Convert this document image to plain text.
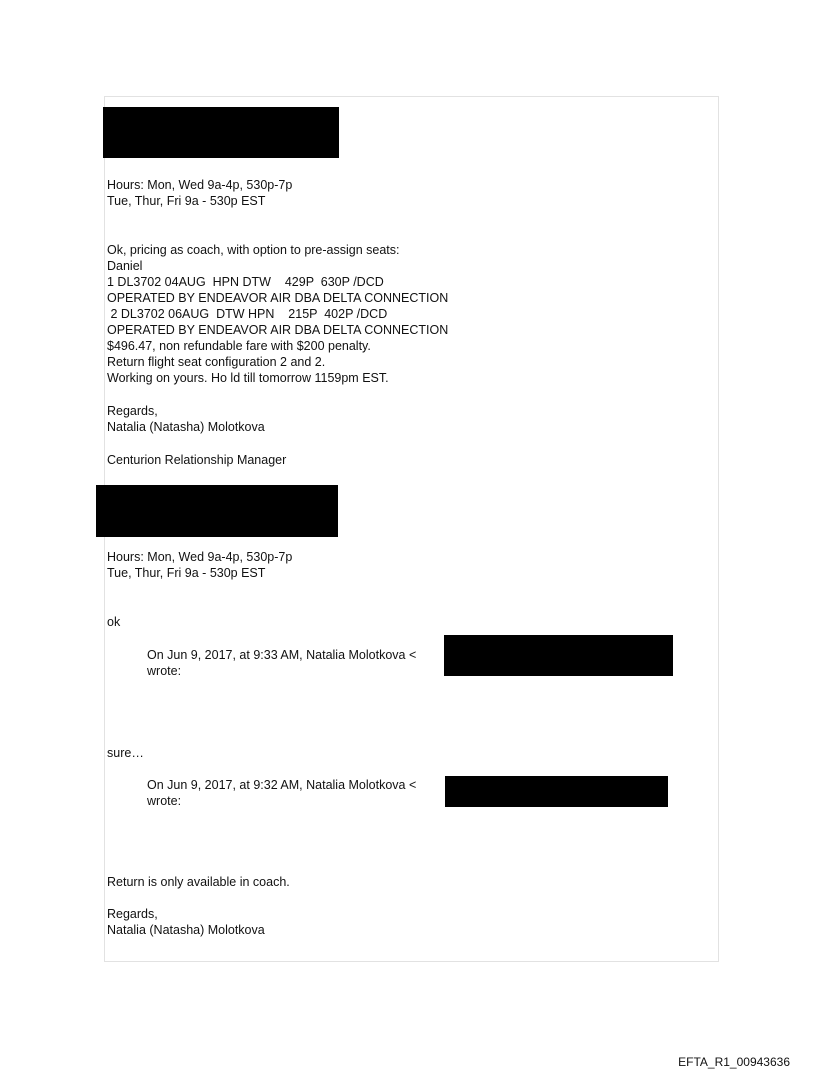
Hours: Mon, Wed 9a-4p, 530p-7p
Tue, Thur, Fri 9a - 530p EST
Ok, pricing as coach, with option to pre-assign seats:
Daniel
1 DL3702 04AUG  HPN DTW    429P  630P /DCD
OPERATED BY ENDEAVOR AIR DBA DELTA CONNECTION
2 DL3702 06AUG  DTW HPN    215P  402P /DCD
OPERATED BY ENDEAVOR AIR DBA DELTA CONNECTION
$496.47, non refundable fare with $200 penalty.
Return flight seat configuration 2 and 2.
Working on yours. Ho ld till tomorrow 1159pm EST.
Regards,
Natalia (Natasha) Molotkova
Centurion Relationship Manager
Hours: Mon, Wed 9a-4p, 530p-7p
Tue, Thur, Fri 9a - 530p EST
ok
On Jun 9, 2017, at 9:33 AM, Natalia Molotkova <
wrote:
sure…
On Jun 9, 2017, at 9:32 AM, Natalia Molotkova <
wrote:
Return is only available in coach.
Regards,
Natalia (Natasha) Molotkova
EFTA_R1_00943636
